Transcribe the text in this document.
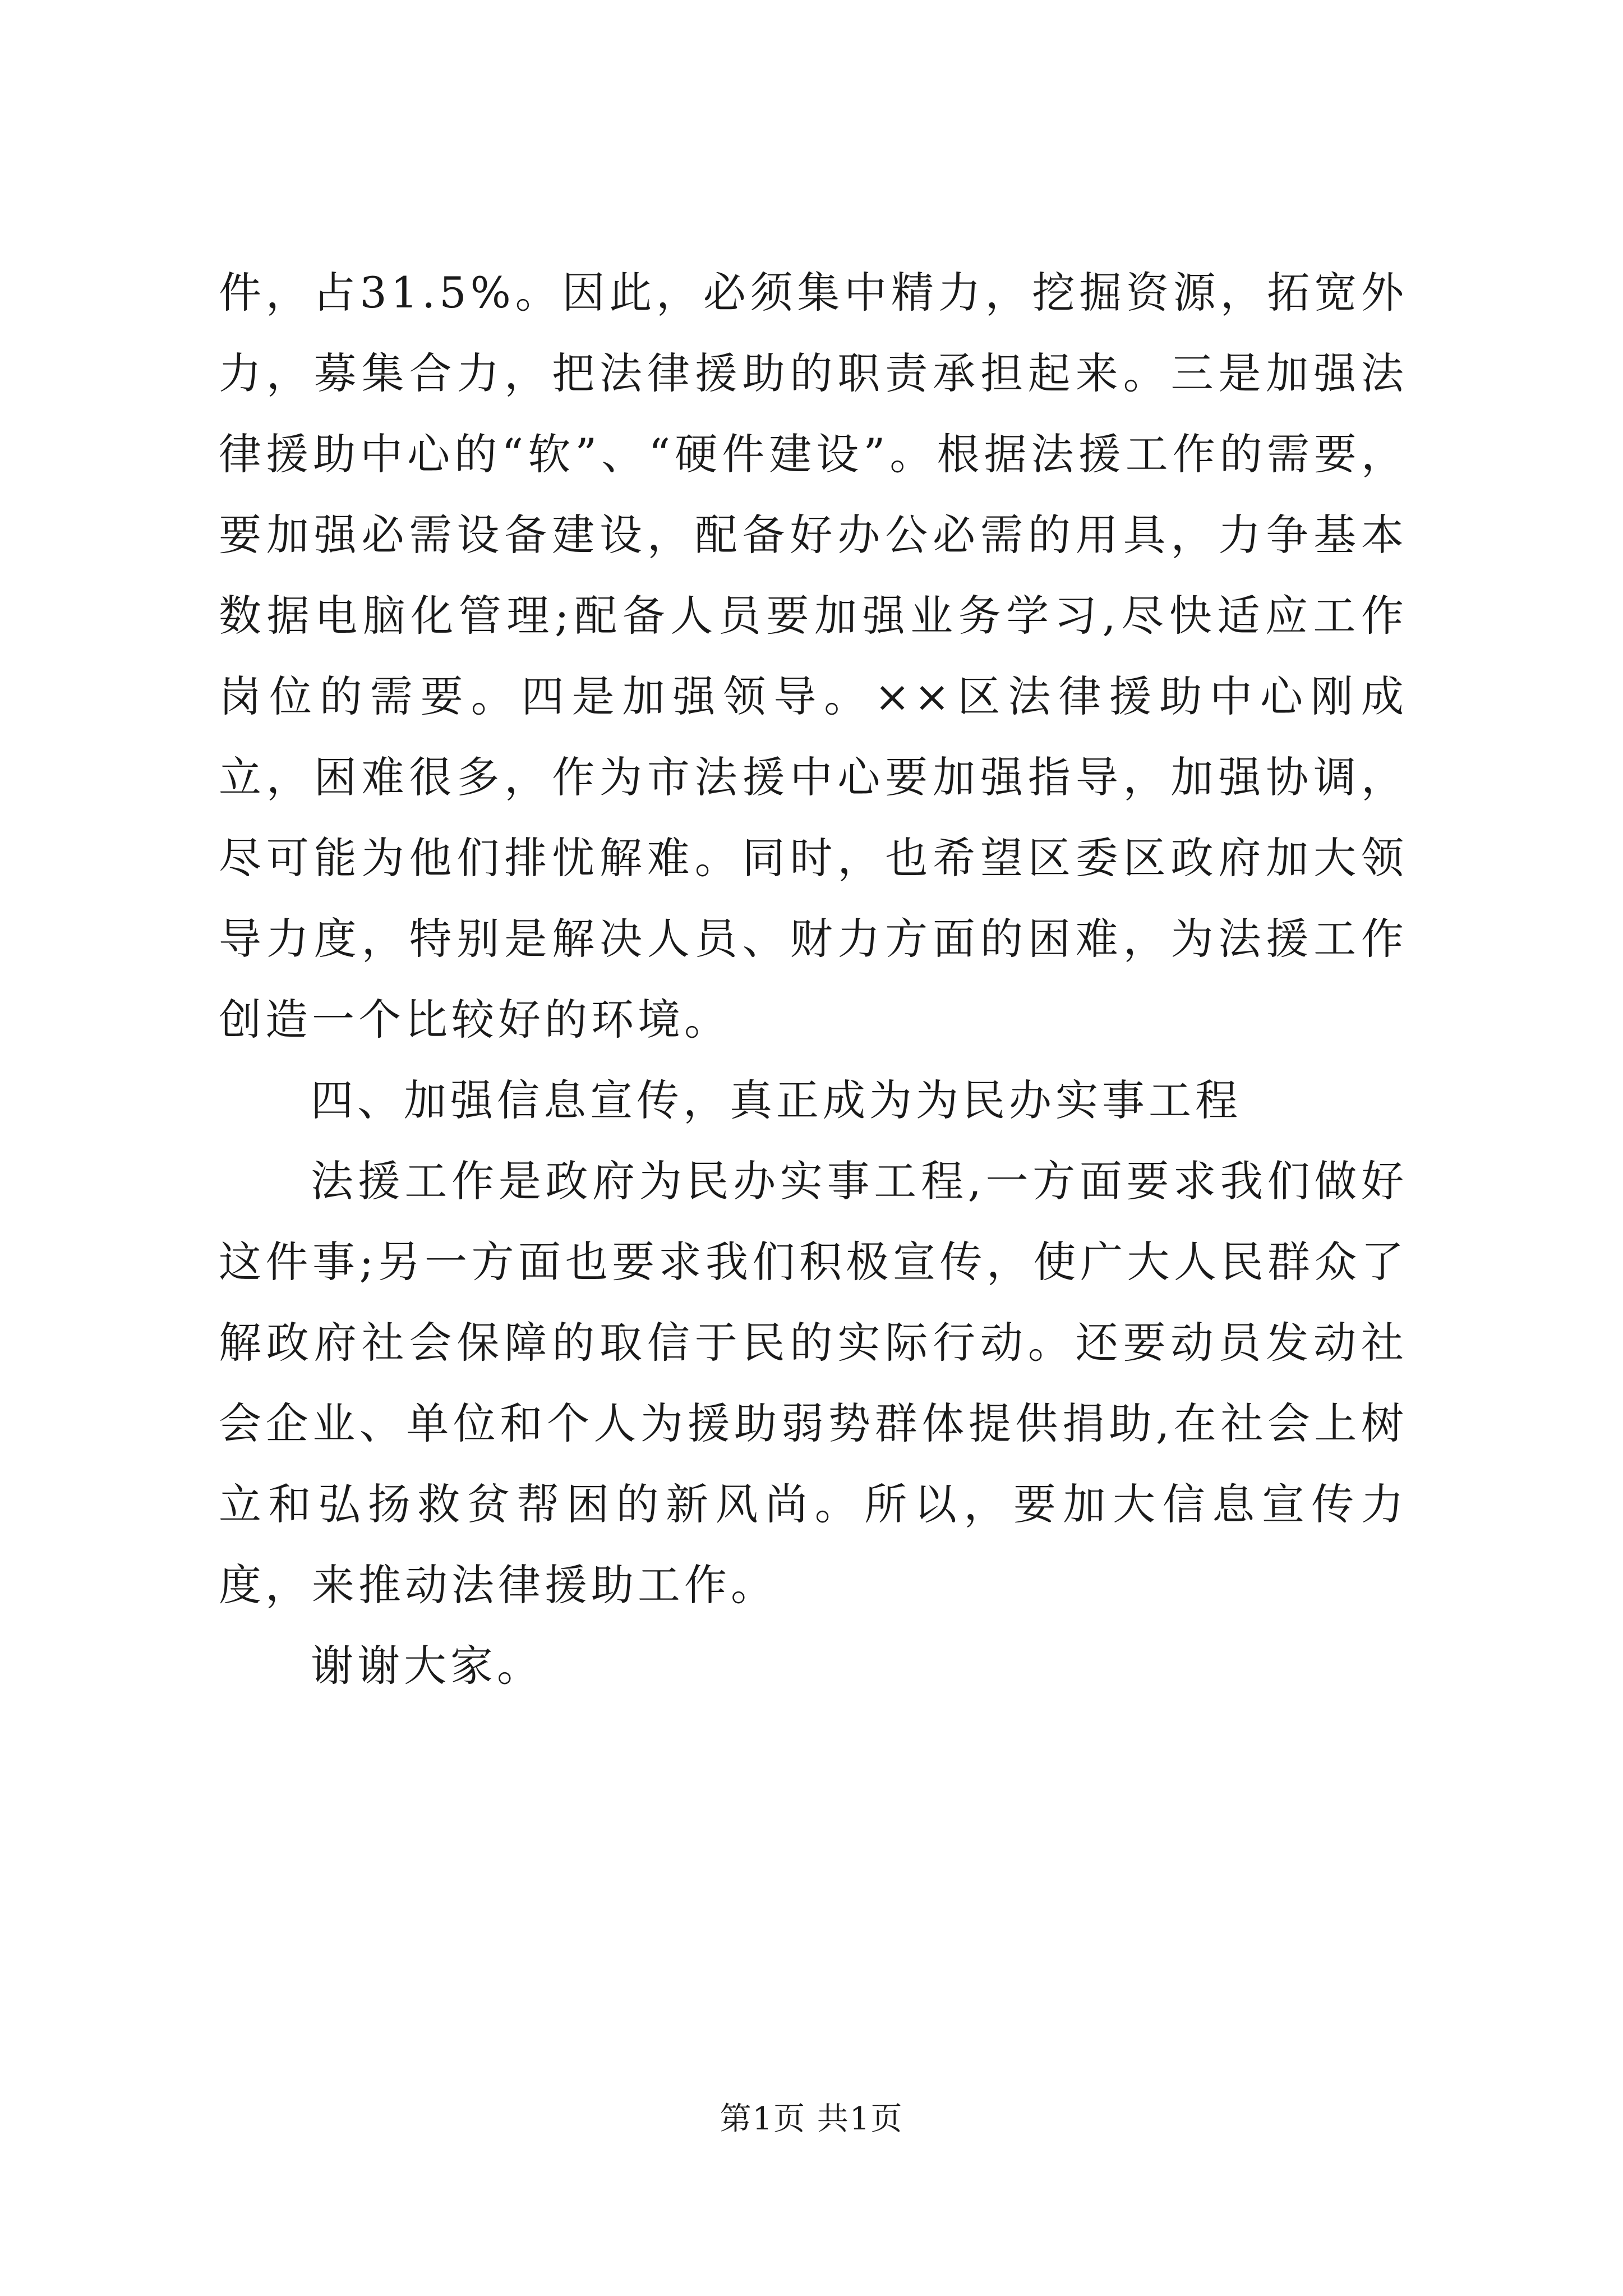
件，占31.5%。因此，必须集中精力，挖掘资源，拓宽外力，募集合力，把法律援助的职责承担起来。三是加强法律援助中心的“软”、“硬件建设”。根据法援工作的需要，要加强必需设备建设，配备好办公必需的用具，力争基本数据电脑化管理;配备人员要加强业务学习,尽快适应工作岗位的需要。四是加强领导。××区法律援助中心刚成立，困难很多，作为市法援中心要加强指导，加强协调，尽可能为他们排忧解难。同时，也希望区委区政府加大领导力度，特别是解决人员、财力方面的困难，为法援工作创造一个比较好的环境。

四、加强信息宣传，真正成为为民办实事工程

法援工作是政府为民办实事工程,一方面要求我们做好这件事;另一方面也要求我们积极宣传，使广大人民群众了解政府社会保障的取信于民的实际行动。还要动员发动社会企业、单位和个人为援助弱势群体提供捐助,在社会上树立和弘扬救贫帮困的新风尚。所以，要加大信息宣传力度，来推动法律援助工作。

谢谢大家。

第1页 共1页
